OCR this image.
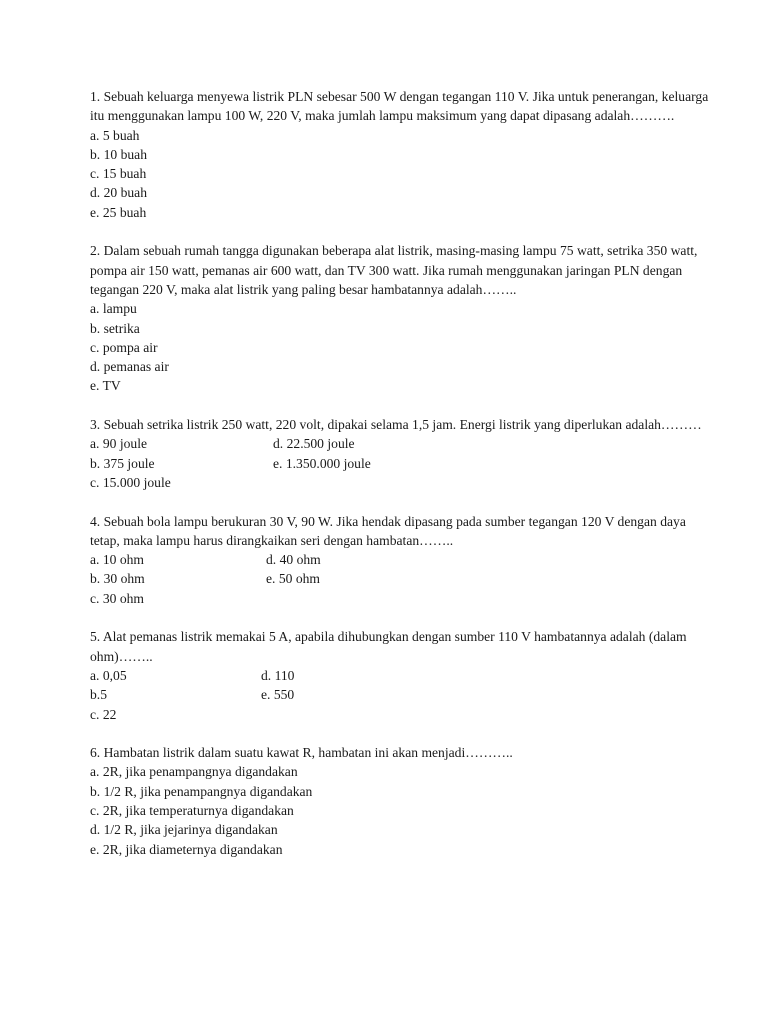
1. Sebuah keluarga menyewa listrik PLN sebesar 500 W dengan tegangan 110 V. Jika untuk penerangan, keluarga itu menggunakan lampu 100 W, 220 V, maka jumlah lampu maksimum yang dapat dipasang adalah……….

a. 5 buah

b. 10 buah

c. 15 buah

d. 20 buah

e. 25 buah

2. Dalam sebuah rumah tangga digunakan beberapa alat listrik, masing-masing lampu 75 watt, setrika 350 watt, pompa air 150 watt, pemanas air 600 watt, dan TV 300 watt. Jika rumah menggunakan jaringan PLN dengan tegangan 220 V, maka alat listrik yang paling besar hambatannya adalah……..

a. lampu

b. setrika

c. pompa air

d. pemanas air

e. TV

3. Sebuah setrika listrik 250 watt, 220 volt, dipakai selama 1,5 jam. Energi listrik yang diperlukan adalah………

a. 90 joule	d. 22.500 joule
b. 375 joule	e. 1.350.000 joule
c. 15.000 joule

4. Sebuah bola lampu berukuran 30 V, 90 W. Jika hendak dipasang pada sumber tegangan 120 V dengan daya tetap, maka lampu harus dirangkaikan seri dengan hambatan……..

a. 10 ohm	d. 40 ohm
b. 30 ohm	e. 50 ohm
c. 30 ohm

5. Alat pemanas listrik memakai 5 A, apabila dihubungkan dengan sumber 110 V hambatannya adalah (dalam ohm)……..

a. 0,05	d. 110
b.5	e. 550
c. 22

6. Hambatan listrik dalam suatu kawat R, hambatan ini akan menjadi………..

a. 2R, jika penampangnya digandakan

b. 1/2 R, jika penampangnya digandakan

c. 2R, jika temperaturnya digandakan

d. 1/2 R, jika jejarinya digandakan

e. 2R, jika diameternya digandakan
